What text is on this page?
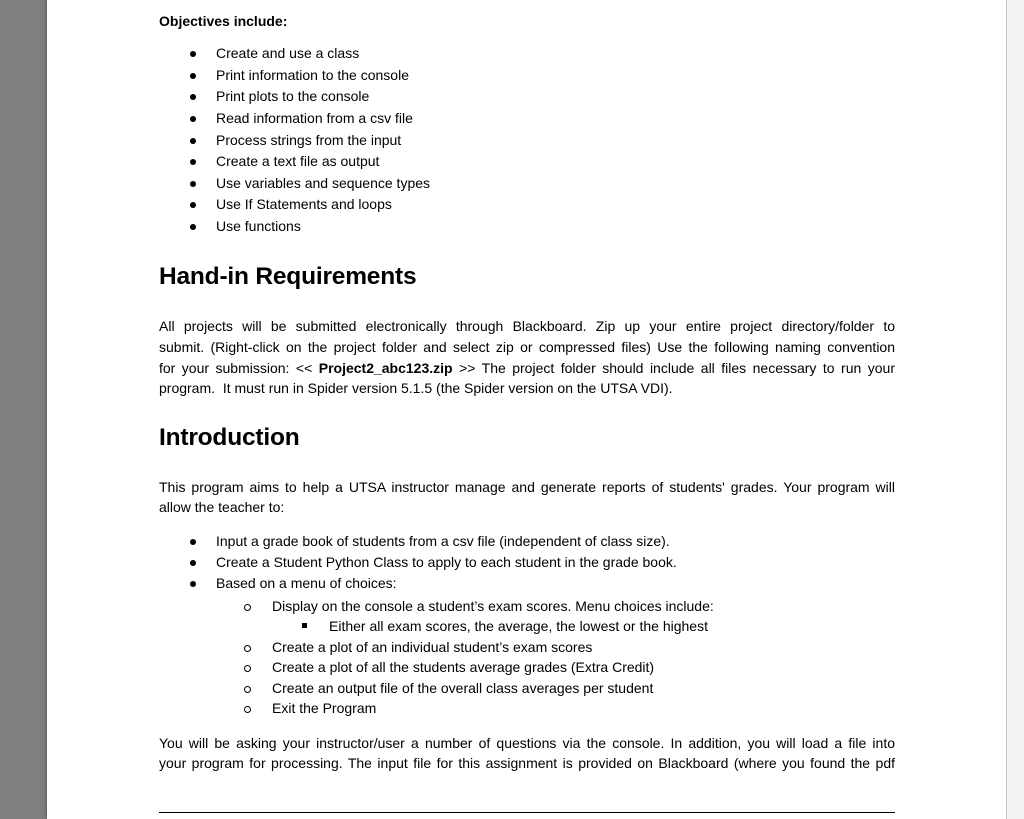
Objectives include:
Create and use a class
Print information to the console
Print plots to the console
Read information from a csv file
Process strings from the input
Create a text file as output
Use variables and sequence types
Use If Statements and loops
Use functions
Hand-in Requirements
All projects will be submitted electronically through Blackboard. Zip up your entire project directory/folder to
submit. (Right-click on the project folder and select zip or compressed files) Use the following naming convention
for your submission: << Project2_abc123.zip >> The project folder should include all files necessary to run your
program. It must run in Spider version 5.1.5 (the Spider version on the UTSA VDI).
Introduction
This program aims to help a UTSA instructor manage and generate reports of students' grades. Your program will
allow the teacher to:
Input a grade book of students from a csv file (independent of class size).
Create a Student Python Class to apply to each student in the grade book.
Based on a menu of choices:
Display on the console a student’s exam scores. Menu choices include:
Either all exam scores, the average, the lowest or the highest
Create a plot of an individual student’s exam scores
Create a plot of all the students average grades (Extra Credit)
Create an output file of the overall class averages per student
Exit the Program
You will be asking your instructor/user a number of questions via the console. In addition, you will load a file into
your program for processing. The input file for this assignment is provided on Blackboard (where you found the pdf
